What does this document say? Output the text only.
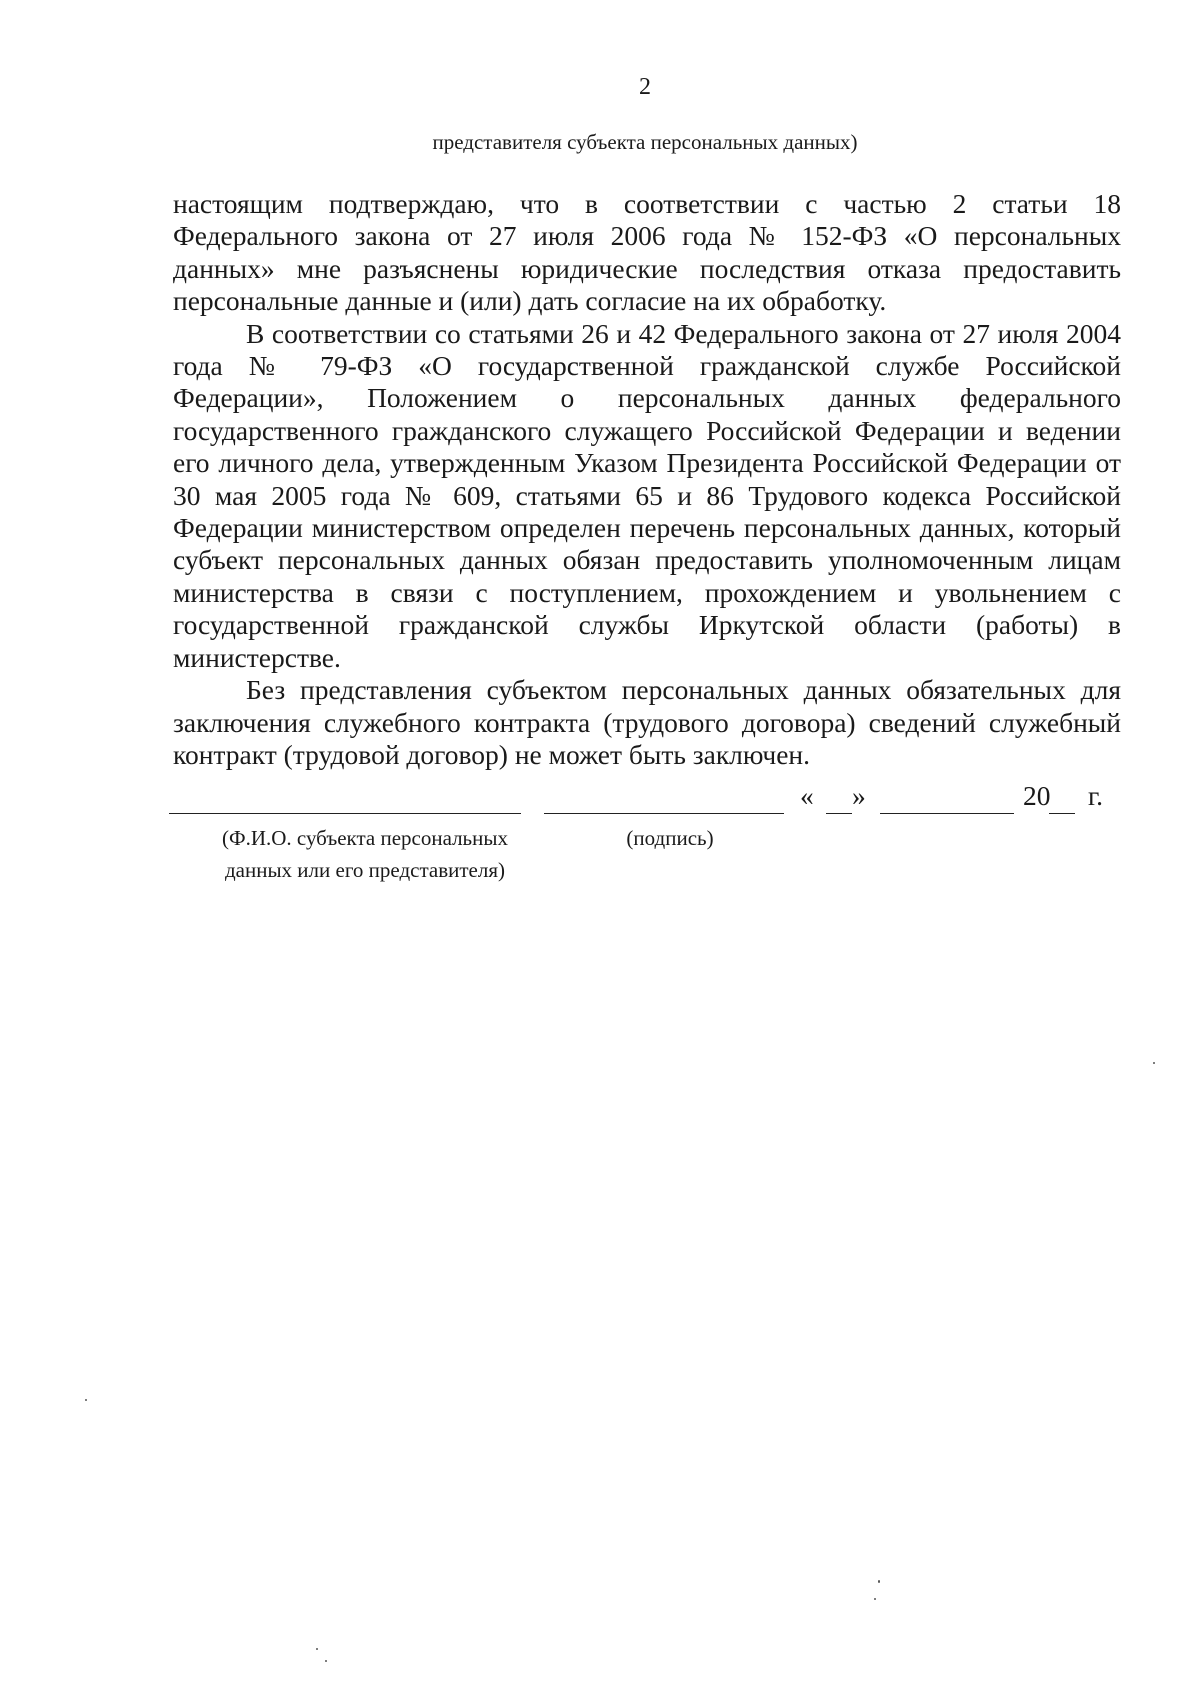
2
представителя субъекта персональных данных)

настоящим подтверждаю, что в соответствии с частью 2 статьи 18 Федерального закона от 27 июля 2006 года № 152-ФЗ «О персональных данных» мне разъяснены юридические последствия отказа предоставить персональные данные и (или) дать согласие на их обработку.

В соответствии со статьями 26 и 42 Федерального закона от 27 июля 2004 года № 79-ФЗ «О государственной гражданской службе Российской Федерации», Положением о персональных данных федерального государственного гражданского служащего Российской Федерации и ведении его личного дела, утвержденным Указом Президента Российской Федерации от 30 мая 2005 года № 609, статьями 65 и 86 Трудового кодекса Российской Федерации министерством определен перечень персональных данных, который субъект персональных данных обязан предоставить уполномоченным лицам министерства в связи с поступлением, прохождением и увольнением с государственной гражданской службы Иркутской области (работы) в министерстве.

Без представления субъектом персональных данных обязательных для заключения служебного контракта (трудового договора) сведений служебный контракт (трудовой договор) не может быть заключен.

« »	20 г.
(Ф.И.О. субъекта персональных данных или его представителя)
(подпись)
